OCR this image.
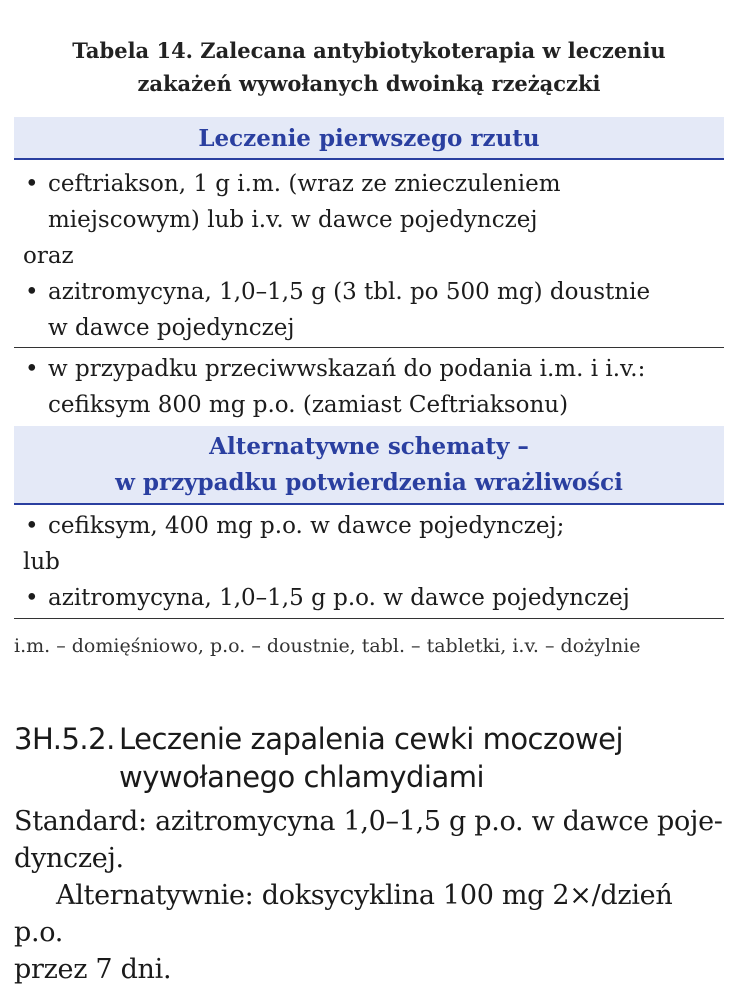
Tabela 14. Zalecana antybiotykoterapia w leczeniu
zakażeń wywołanych dwoinką rzeżączki
Leczenie pierwszego rzutu
• ceftriakson, 1 g i.m. (wraz ze znieczuleniem
miejscowym) lub i.v. w dawce pojedynczej
oraz
• azitromycyna, 1,0–1,5 g (3 tbl. po 500 mg) doustnie
w dawce pojedynczej
• w przypadku przeciwwskazań do podania i.m. i i.v.:
cefiksym 800 mg p.o. (zamiast Ceftriaksonu)
Alternatywne schematy –
w przypadku potwierdzenia wrażliwości
• cefiksym, 400 mg p.o. w dawce pojedynczej;
lub
• azitromycyna, 1,0–1,5 g p.o. w dawce pojedynczej
i.m. – domięśniowo, p.o. – doustnie, tabl. – tabletki, i.v. – dożylnie
3H.5.2. Leczenie zapalenia cewki moczowej
wywołanego chlamydiami
Standard: azitromycyna 1,0–1,5 g p.o. w dawce poje-
dynczej.
Alternatywnie: doksycyklina 100 mg 2×/dzień p.o.
przez 7 dni.
